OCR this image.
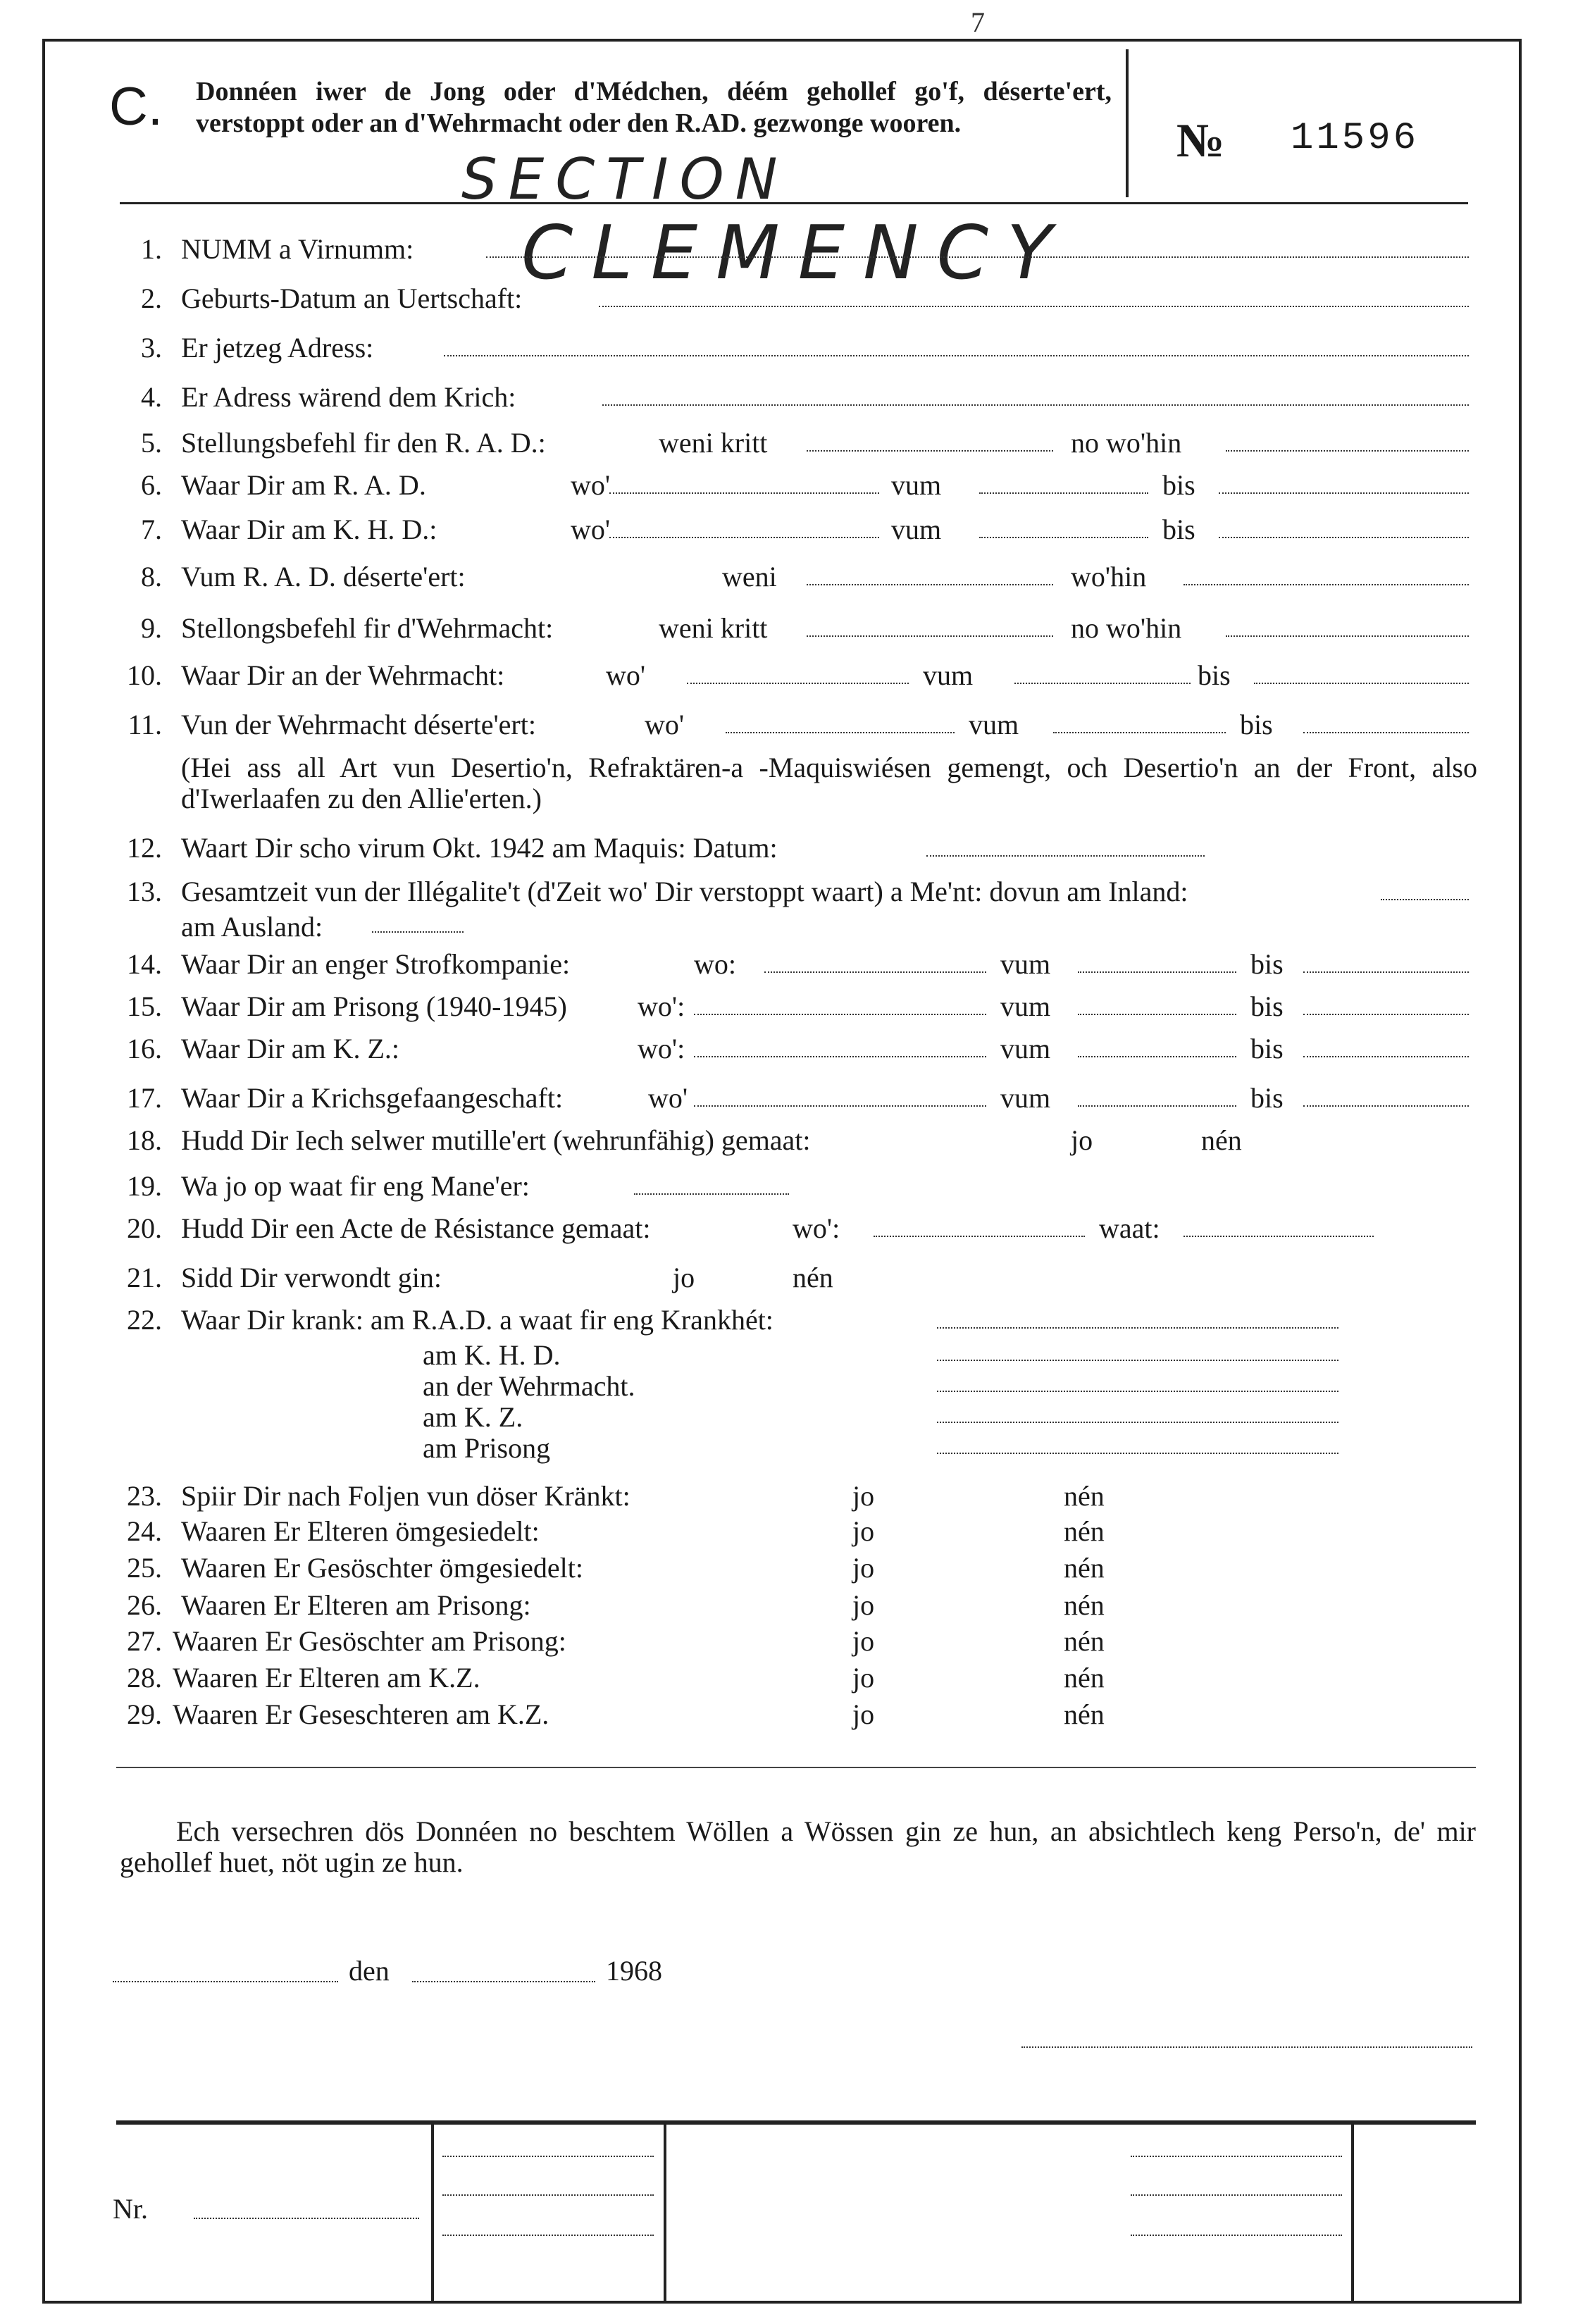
7
C. Donnéen iwer de Jong oder d'Médchen, déém gehollef go'f, déserte'ert, verstoppt oder an d'Wehrmacht oder den R.AD. gezwonge wooren.	№ 11596
SECTION
CLEMENCY
1. NUMM a Virnumm:
2. Geburts-Datum an Uertschaft:
3. Er jetzeg Adress:
4. Er Adress wärend dem Krich:
5. Stellungsbefehl fir den R. A. D.:	weni kritt	no wo'hin
6. Waar Dir am R. A. D.	wo'	vum	bis
7. Waar Dir am K. H. D.:	wo'	vum	bis
8. Vum R. A. D. déserte'ert:	weni	wo'hin
9. Stellongsbefehl fir d'Wehrmacht:	weni kritt	no wo'hin
10. Waar Dir an der Wehrmacht:	wo'	vum	bis
11. Vun der Wehrmacht déserte'ert:	wo'	vum	bis
12. Waart Dir scho virum Okt. 1942 am Maquis: Datum:
13. Gesamtzeit vun der Illégalite't (d'Zeit wo' Dir verstoppt waart) a Me'nt: dovun am Inland:
14. Waar Dir an enger Strofkompanie:	wo:	vum	bis
15. Waar Dir am Prisong (1940-1945)	wo':	vum	bis
16. Waar Dir am K. Z.:	wo':	vum	bis
17. Waar Dir a Krichsgefaangeschaft:	wo'	vum	bis
18. Hudd Dir Iech selwer mutille'ert (wehrunfähig) gemaat:	jo	nén
19. Wa jo op waat fir eng Mane'er:
20. Hudd Dir een Acte de Résistance gemaat:	wo':	waat:
21. Sidd Dir verwondt gin:	jo	nén
22. Waar Dir krank: am R.A.D. a waat fir eng Krankhét:
23. Spiir Dir nach Foljen vun döser Kränkt:	jo	nén
24. Waaren Er Elteren ömgesiedelt:	jo	nén
25. Waaren Er Gesöschter ömgesiedelt:	jo	nén
26. Waaren Er Elteren am Prisong:	jo	nén
27. Waaren Er Gesöschter am Prisong:	jo	nén
28. Waaren Er Elteren am K.Z.	jo	nén
29. Waaren Er Geseschteren am K.Z.	jo	nén
(Hei ass all Art vun Desertio'n, Refraktären-a -Maquiswiésen gemengt, och Desertio'n an der Front, also d'Iwerlaafen zu den Allie'erten.)
am Ausland:
am K. H. D.
an der Wehrmacht.
am K. Z.
am Prisong
Ech versechren dös Donnéen no beschtem Wöllen a Wössen gin ze hun, an absichtlech keng Perso'n, de' mir gehollef huet, nöt ugin ze hun.
den	1968
Nr.
